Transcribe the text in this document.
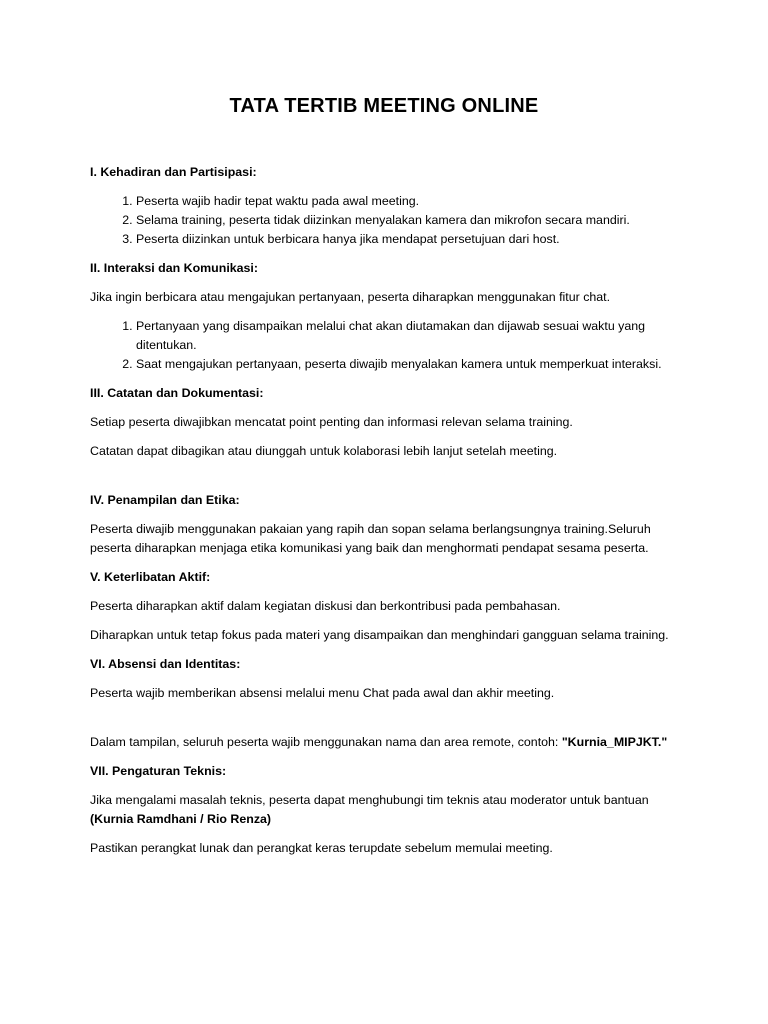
TATA TERTIB MEETING ONLINE
I. Kehadiran dan Partisipasi:
1. Peserta wajib hadir tepat waktu pada awal meeting.
2. Selama training, peserta tidak diizinkan menyalakan kamera dan mikrofon secara mandiri.
3. Peserta diizinkan untuk berbicara hanya jika mendapat persetujuan dari host.
II. Interaksi dan Komunikasi:
Jika ingin berbicara atau mengajukan pertanyaan, peserta diharapkan menggunakan fitur chat.
1. Pertanyaan yang disampaikan melalui chat akan diutamakan dan dijawab sesuai waktu yang ditentukan.
2. Saat mengajukan pertanyaan, peserta diwajib menyalakan kamera untuk memperkuat interaksi.
III. Catatan dan Dokumentasi:
Setiap peserta diwajibkan mencatat point penting dan informasi relevan selama training.
Catatan dapat dibagikan atau diunggah untuk kolaborasi lebih lanjut setelah meeting.
IV. Penampilan dan Etika:
Peserta diwajib menggunakan pakaian yang rapih dan sopan selama berlangsungnya training.Seluruh peserta diharapkan menjaga etika komunikasi yang baik dan menghormati pendapat sesama peserta.
V. Keterlibatan Aktif:
Peserta diharapkan aktif dalam kegiatan diskusi dan berkontribusi pada pembahasan.
Diharapkan untuk tetap fokus pada materi yang disampaikan dan menghindari gangguan selama training.
VI. Absensi dan Identitas:
Peserta wajib memberikan absensi melalui menu Chat pada awal dan akhir meeting.
Dalam tampilan, seluruh peserta wajib menggunakan nama dan area remote, contoh: "Kurnia_MIPJKT."
VII. Pengaturan Teknis:
Jika mengalami masalah teknis, peserta dapat menghubungi tim teknis atau moderator untuk bantuan
(Kurnia Ramdhani / Rio Renza)
Pastikan perangkat lunak dan perangkat keras terupdate sebelum memulai meeting.
